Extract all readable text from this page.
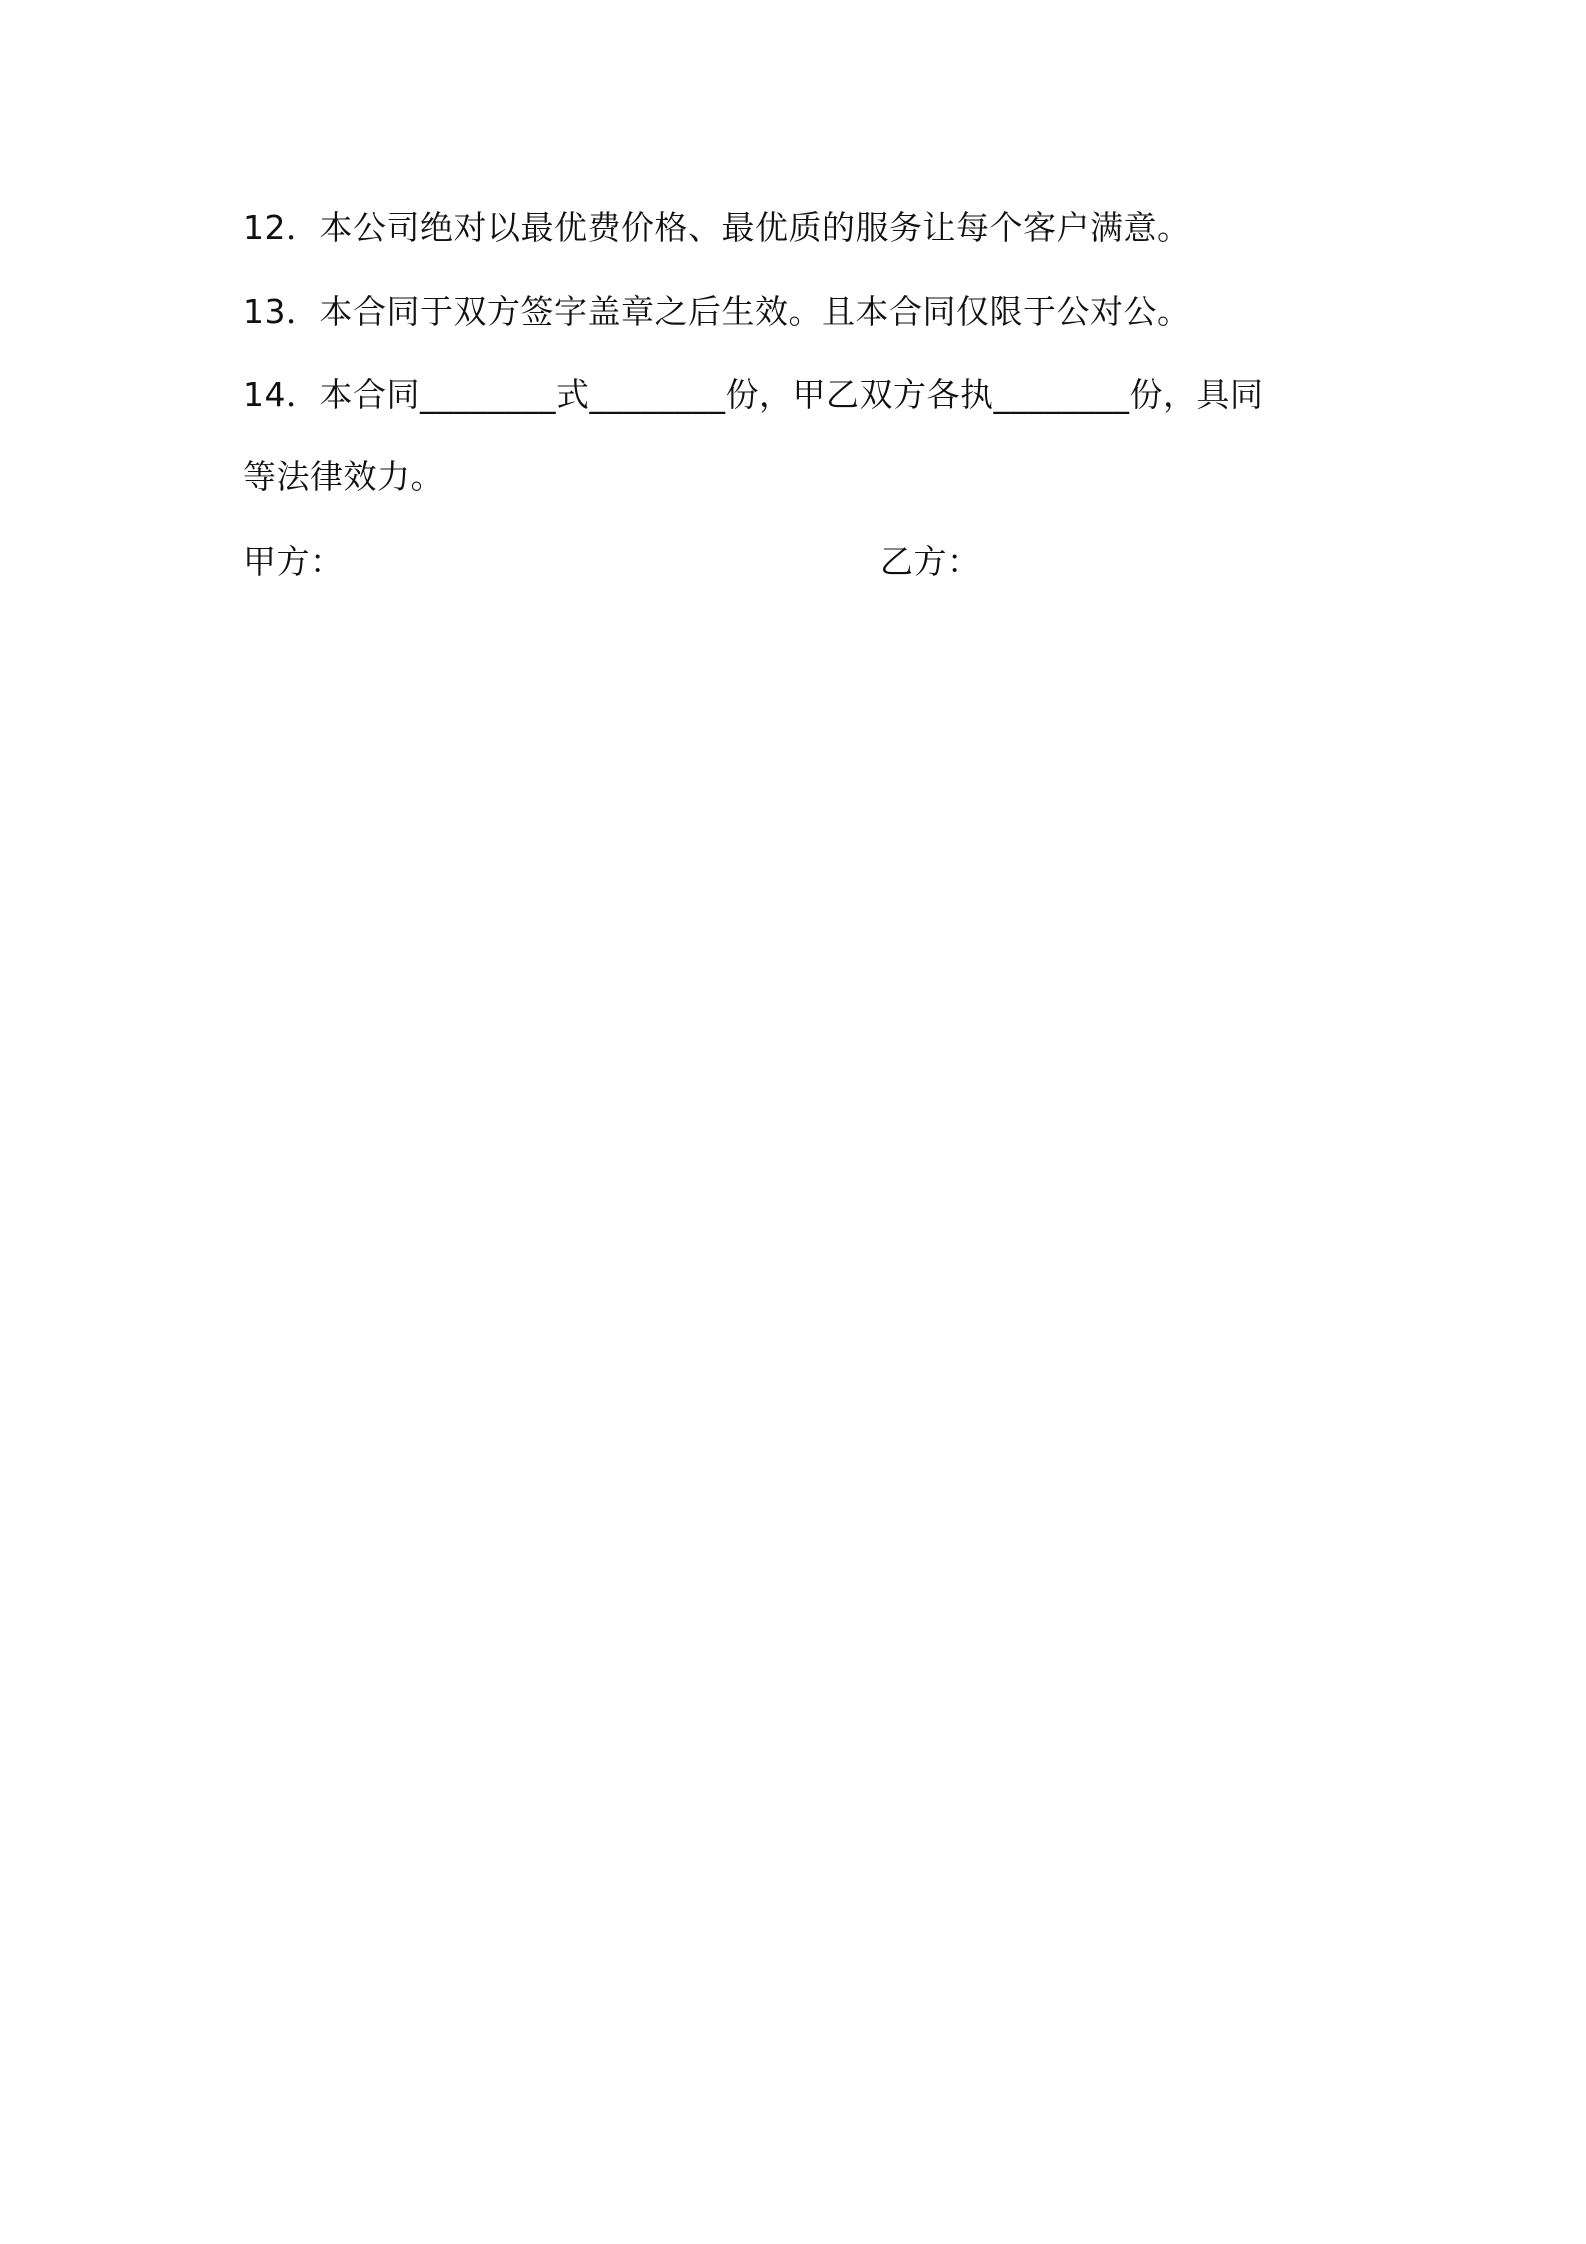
12．本公司绝对以最优费价格、最优质的服务让每个客户满意。
13．本合同于双方签字盖章之后生效。且本合同仅限于公对公。
14．本合同________式________份，甲乙双方各执________份，具同
等法律效力。
甲方：	乙方：
